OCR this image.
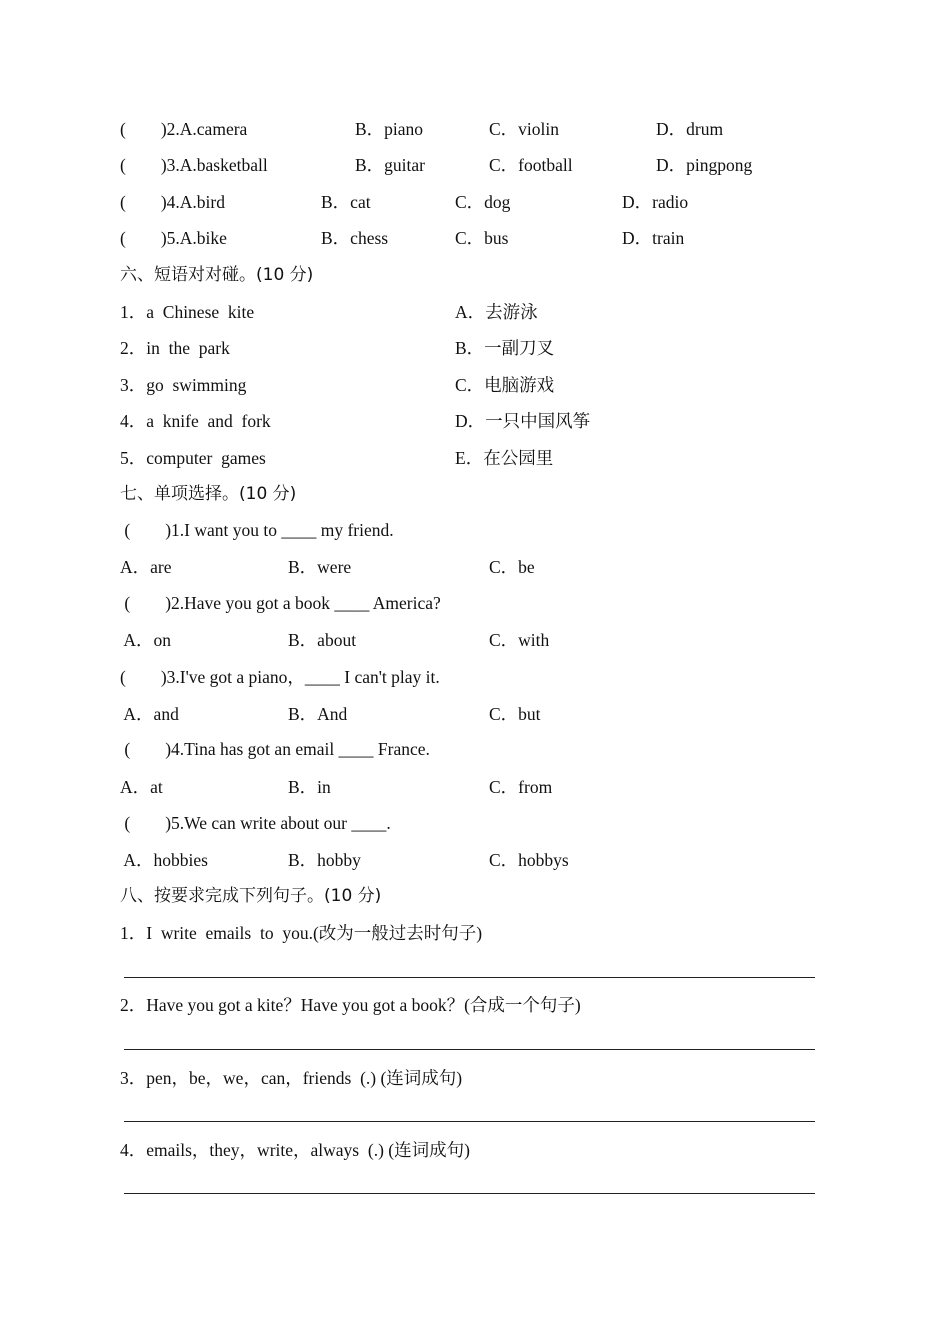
(        )2.A.camera	B．piano	C．violin	D．drum
(        )3.A.basketball	B．guitar	C．football	D．pingpong
(        )4.A.bird	B．cat	C．dog	D．radio
(        )5.A.bike	B．chess	C．bus	D．train
六、短语对对碰。(10 分)
1．a  Chinese  kite	A．去游泳
2．in  the  park	B．一副刀叉
3．go  swimming	C．电脑游戏
4．a  knife  and  fork	D．一只中国风筝
5．computer  games	E．在公园里
七、单项选择。(10 分)
(        )1.I want you to ____ my friend.
A．are	B．were	C．be
(        )2.Have you got a book ____ America?
A．on	B．about	C．with
(        )3.I've got a piano，____ I can't play it.
A．and	B．And	C．but
(        )4.Tina has got an email ____ France.
A．at	B．in	C．from
(        )5.We can write about our ____.
A．hobbies	B．hobby	C．hobbys
八、按要求完成下列句子。(10 分)
1．I  write  emails  to  you.(改为一般过去时句子)
2．Have you got a kite？Have you got a book？(合成一个句子)
3．pen，be，we，can，friends  (.) (连词成句)
4．emails，they，write，always  (.) (连词成句)
